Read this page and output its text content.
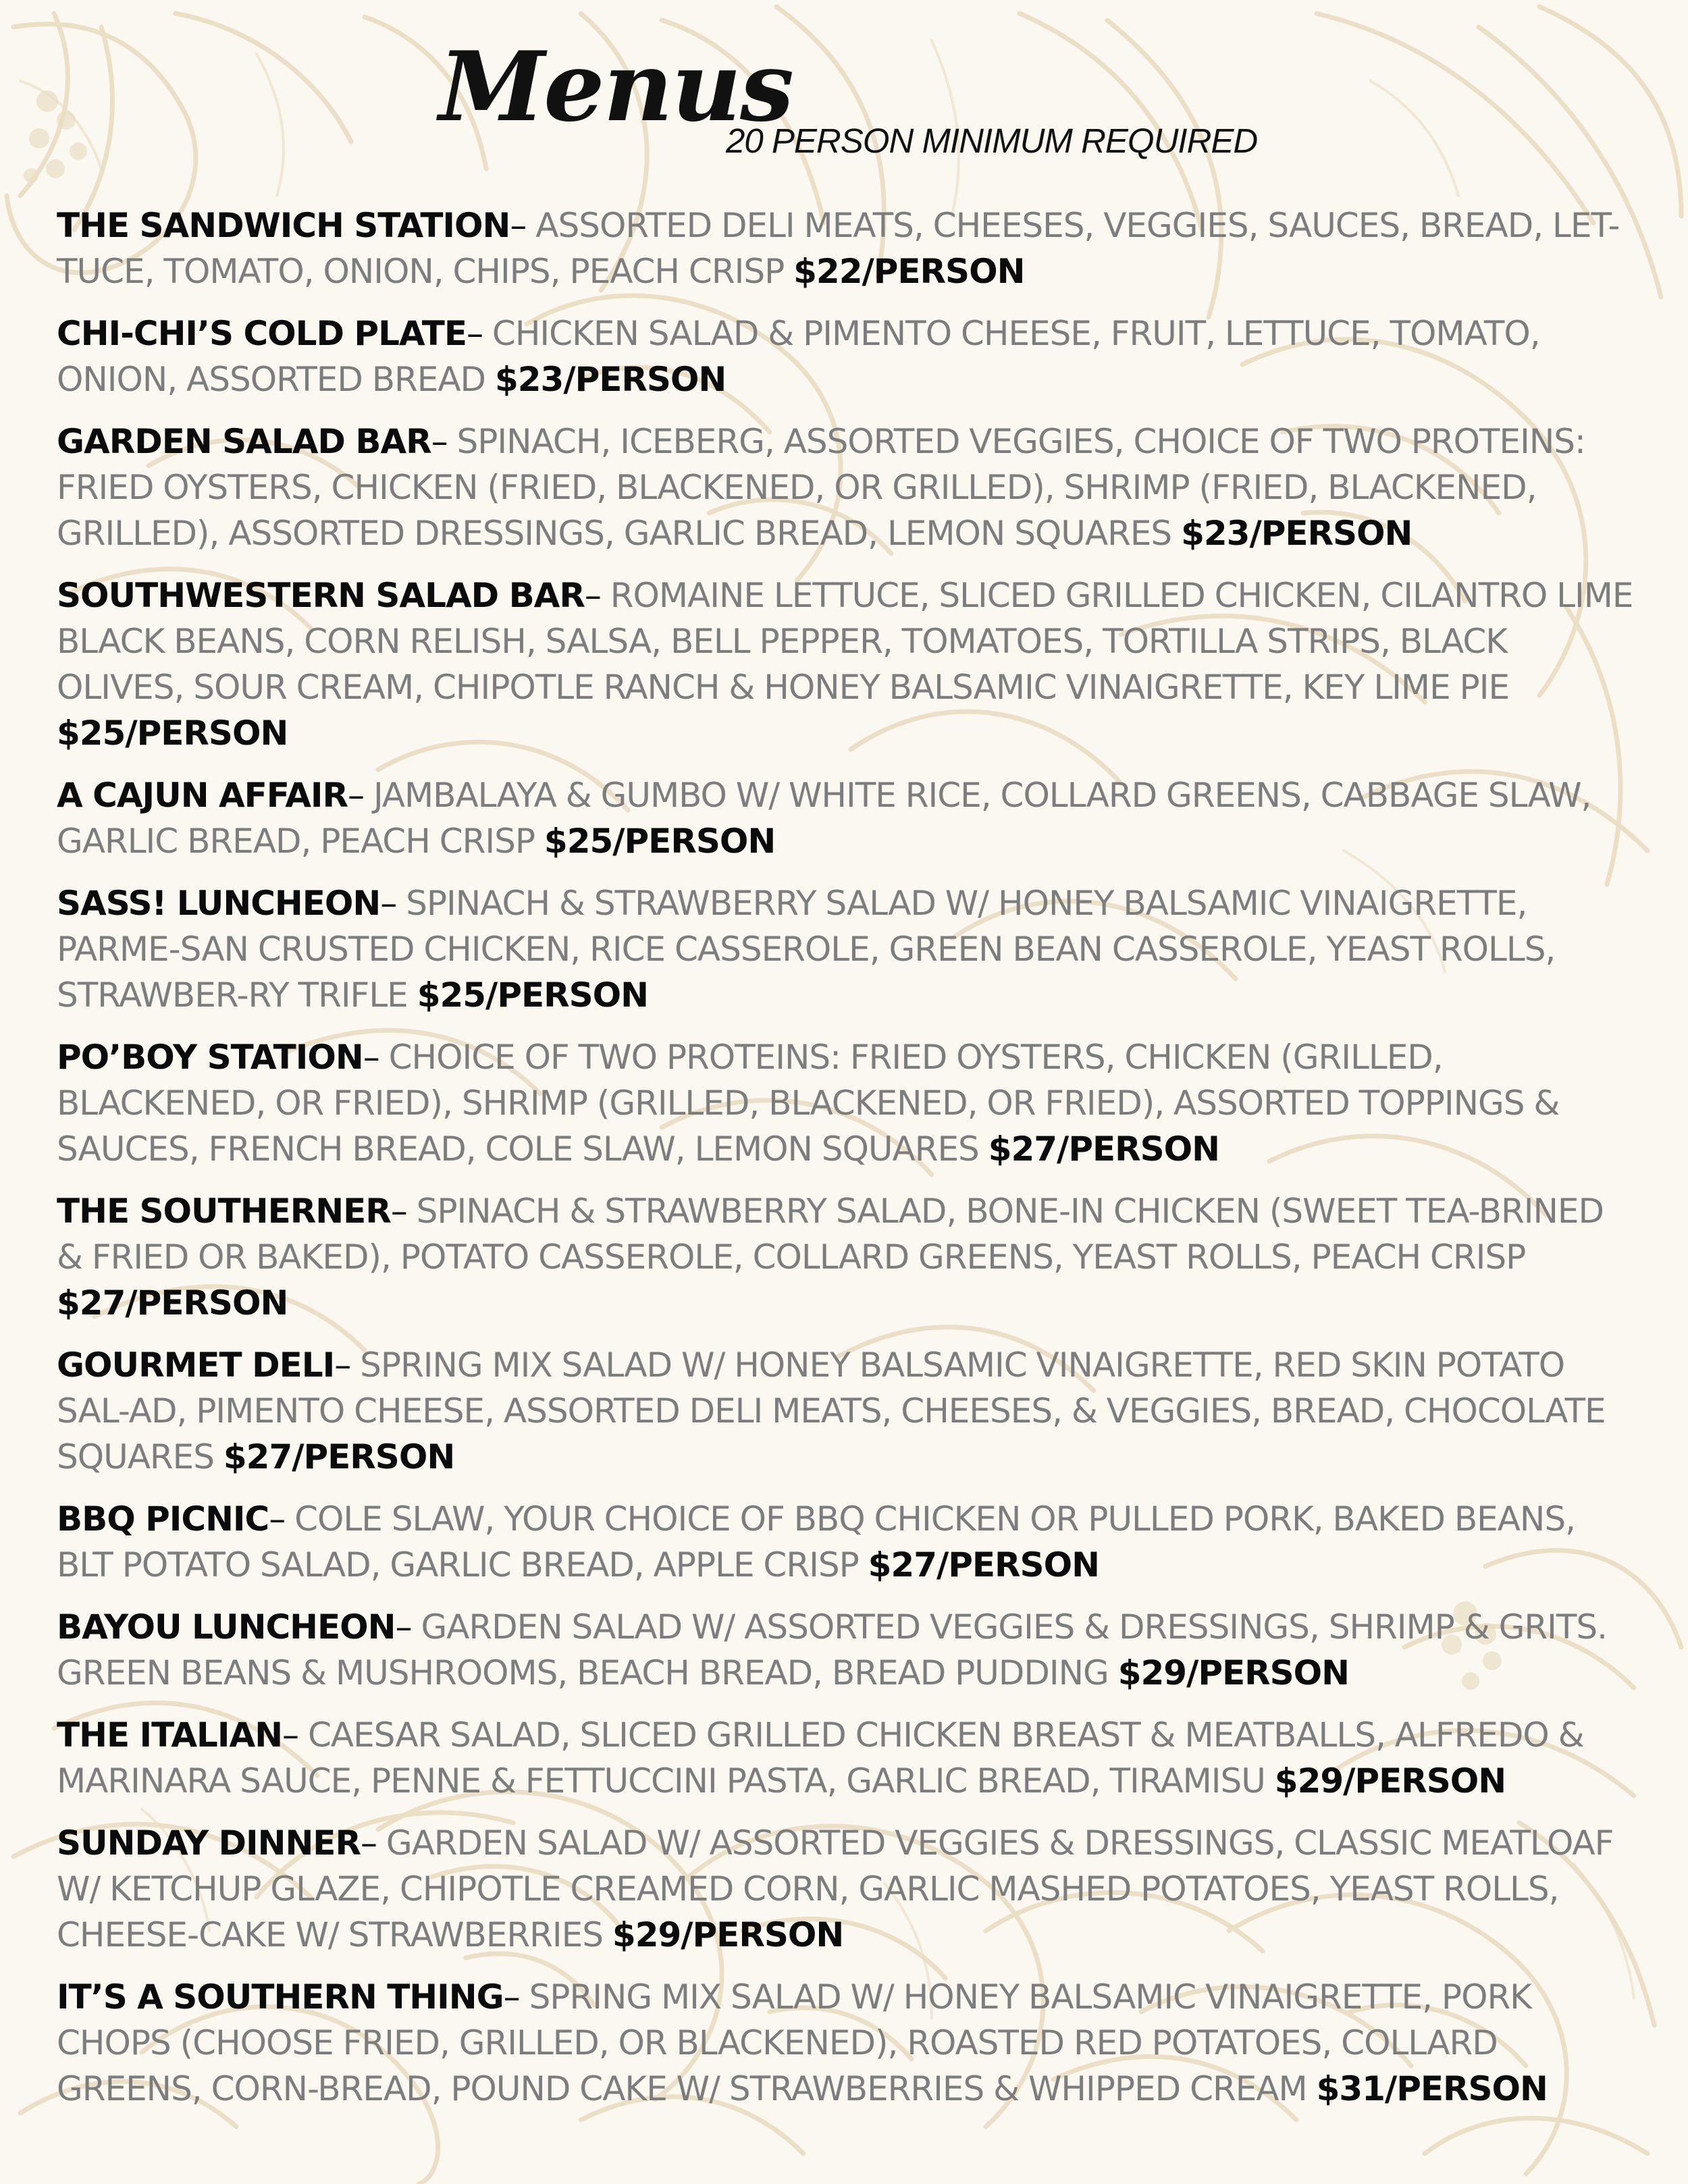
Menus
20 PERSON MINIMUM REQUIRED
THE SANDWICH STATION– ASSORTED DELI MEATS, CHEESES, VEGGIES, SAUCES, BREAD, LET-TUCE, TOMATO, ONION, CHIPS, PEACH CRISP $22/PERSON
CHI-CHI’S COLD PLATE– CHICKEN SALAD & PIMENTO CHEESE, FRUIT, LETTUCE, TOMATO, ONION, ASSORTED BREAD $23/PERSON
GARDEN SALAD BAR– SPINACH, ICEBERG, ASSORTED VEGGIES, CHOICE OF TWO PROTEINS: FRIED OYSTERS, CHICKEN (FRIED, BLACKENED, OR GRILLED), SHRIMP (FRIED, BLACKENED, GRILLED), ASSORTED DRESSINGS, GARLIC BREAD, LEMON SQUARES $23/PERSON
SOUTHWESTERN SALAD BAR– ROMAINE LETTUCE, SLICED GRILLED CHICKEN, CILANTRO LIME BLACK BEANS, CORN RELISH, SALSA, BELL PEPPER, TOMATOES, TORTILLA STRIPS, BLACK OLIVES, SOUR CREAM, CHIPOTLE RANCH & HONEY BALSAMIC VINAIGRETTE, KEY LIME PIE $25/PERSON
A CAJUN AFFAIR– JAMBALAYA & GUMBO W/ WHITE RICE, COLLARD GREENS, CABBAGE SLAW, GARLIC BREAD, PEACH CRISP $25/PERSON
SASS! LUNCHEON– SPINACH & STRAWBERRY SALAD W/ HONEY BALSAMIC VINAIGRETTE, PARME-SAN CRUSTED CHICKEN, RICE CASSEROLE, GREEN BEAN CASSEROLE, YEAST ROLLS, STRAWBER-RY TRIFLE $25/PERSON
PO’BOY STATION– CHOICE OF TWO PROTEINS: FRIED OYSTERS, CHICKEN (GRILLED, BLACKENED, OR FRIED), SHRIMP (GRILLED, BLACKENED, OR FRIED), ASSORTED TOPPINGS & SAUCES, FRENCH BREAD, COLE SLAW, LEMON SQUARES $27/PERSON
THE SOUTHERNER– SPINACH & STRAWBERRY SALAD, BONE-IN CHICKEN (SWEET TEA-BRINED & FRIED OR BAKED), POTATO CASSEROLE, COLLARD GREENS, YEAST ROLLS, PEACH CRISP $27/PERSON
GOURMET DELI– SPRING MIX SALAD W/ HONEY BALSAMIC VINAIGRETTE, RED SKIN POTATO SAL-AD, PIMENTO CHEESE, ASSORTED DELI MEATS, CHEESES, & VEGGIES, BREAD, CHOCOLATE SQUARES $27/PERSON
BBQ PICNIC– COLE SLAW, YOUR CHOICE OF BBQ CHICKEN OR PULLED PORK, BAKED BEANS, BLT POTATO SALAD, GARLIC BREAD, APPLE CRISP $27/PERSON
BAYOU LUNCHEON– GARDEN SALAD W/ ASSORTED VEGGIES & DRESSINGS, SHRIMP & GRITS. GREEN BEANS & MUSHROOMS, BEACH BREAD, BREAD PUDDING $29/PERSON
THE ITALIAN– CAESAR SALAD, SLICED GRILLED CHICKEN BREAST & MEATBALLS, ALFREDO & MARINARA SAUCE, PENNE & FETTUCCINI PASTA, GARLIC BREAD, TIRAMISU $29/PERSON
SUNDAY DINNER– GARDEN SALAD W/ ASSORTED VEGGIES & DRESSINGS, CLASSIC MEATLOAF W/ KETCHUP GLAZE, CHIPOTLE CREAMED CORN, GARLIC MASHED POTATOES, YEAST ROLLS, CHEESE-CAKE W/ STRAWBERRIES $29/PERSON
IT’S A SOUTHERN THING– SPRING MIX SALAD W/ HONEY BALSAMIC VINAIGRETTE, PORK CHOPS (CHOOSE FRIED, GRILLED, OR BLACKENED), ROASTED RED POTATOES, COLLARD GREENS, CORN-BREAD, POUND CAKE W/ STRAWBERRIES & WHIPPED CREAM $31/PERSON
